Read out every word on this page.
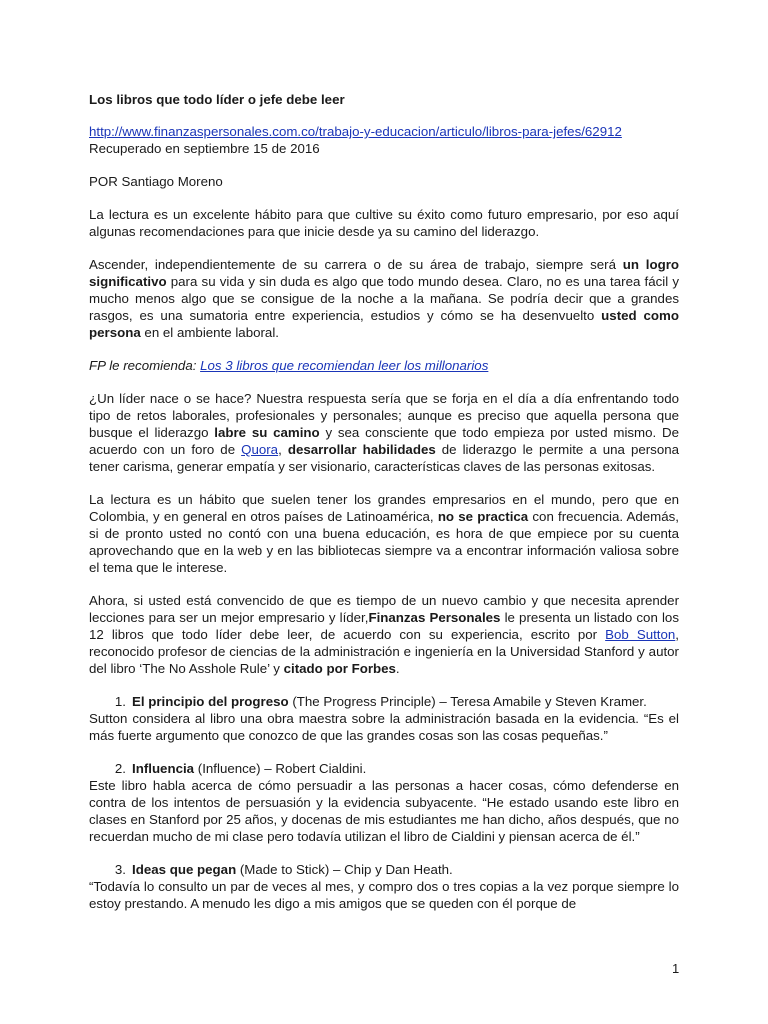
Los libros que todo líder o jefe debe leer

http://www.finanzaspersonales.com.co/trabajo-y-educacion/articulo/libros-para-jefes/62912
Recuperado en septiembre 15 de 2016

POR Santiago Moreno

La lectura es un excelente hábito para que cultive su éxito como futuro empresario, por eso aquí algunas recomendaciones para que inicie desde ya su camino del liderazgo.

Ascender, independientemente de su carrera o de su área de trabajo, siempre será un logro significativo para su vida y sin duda es algo que todo mundo desea. Claro, no es una tarea fácil y mucho menos algo que se consigue de la noche a la mañana. Se podría decir que a grandes rasgos, es una sumatoria entre experiencia, estudios y cómo se ha desenvuelto usted como persona en el ambiente laboral.

FP le recomienda: Los 3 libros que recomiendan leer los millonarios

¿Un líder nace o se hace? Nuestra respuesta sería que se forja en el día a día enfrentando todo tipo de retos laborales, profesionales y personales; aunque es preciso que aquella persona que busque el liderazgo labre su camino y sea consciente que todo empieza por usted mismo. De acuerdo con un foro de Quora, desarrollar habilidades de liderazgo le permite a una persona tener carisma, generar empatía y ser visionario, características claves de las personas exitosas.

La lectura es un hábito que suelen tener los grandes empresarios en el mundo, pero que en Colombia, y en general en otros países de Latinoamérica, no se practica con frecuencia. Además, si de pronto usted no contó con una buena educación, es hora de que empiece por su cuenta aprovechando que en la web y en las bibliotecas siempre va a encontrar información valiosa sobre el tema que le interese.

Ahora, si usted está convencido de que es tiempo de un nuevo cambio y que necesita aprender lecciones para ser un mejor empresario y líder,Finanzas Personales le presenta un listado con los 12 libros que todo líder debe leer, de acuerdo con su experiencia, escrito por Bob Sutton, reconocido profesor de ciencias de la administración e ingeniería en la Universidad Stanford y autor del libro ‘The No Asshole Rule’ y citado por Forbes.

1. El principio del progreso (The Progress Principle) – Teresa Amabile y Steven Kramer.

Sutton considera al libro una obra maestra sobre la administración basada en la evidencia. “Es el más fuerte argumento que conozco de que las grandes cosas son las cosas pequeñas.”

2. Influencia (Influence) – Robert Cialdini.

Este libro habla acerca de cómo persuadir a las personas a hacer cosas, cómo defenderse en contra de los intentos de persuasión y la evidencia subyacente. “He estado usando este libro en clases en Stanford por 25 años, y docenas de mis estudiantes me han dicho, años después, que no recuerdan mucho de mi clase pero todavía utilizan el libro de Cialdini y piensan acerca de él.”

3. Ideas que pegan (Made to Stick) – Chip y Dan Heath.

“Todavía lo consulto un par de veces al mes, y compro dos o tres copias a la vez porque siempre lo estoy prestando. A menudo les digo a mis amigos que se queden con él porque de

1
